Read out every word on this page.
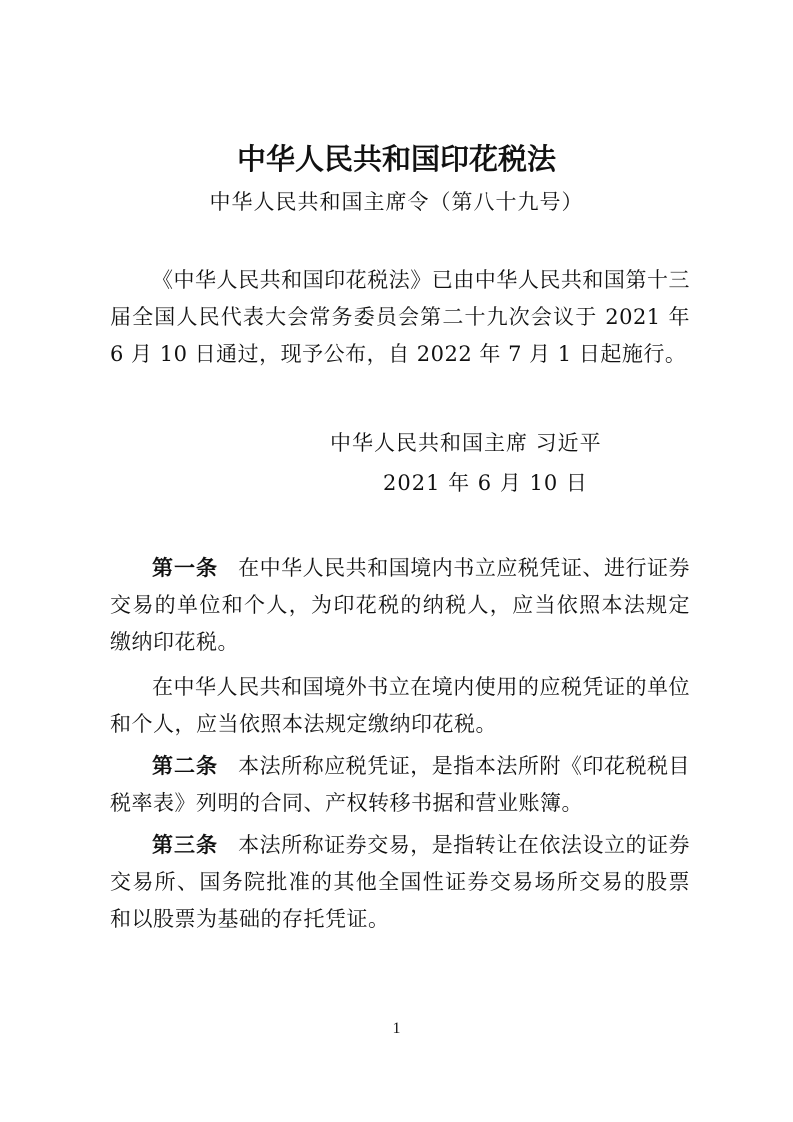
中华人民共和国印花税法
中华人民共和国主席令（第八十九号）

《中华人民共和国印花税法》已由中华人民共和国第十三届全国人民代表大会常务委员会第二十九次会议于 2021 年 6 月 10 日通过，现予公布，自 2022 年 7 月 1 日起施行。

中华人民共和国主席 习近平
2021 年 6 月 10 日

第一条 在中华人民共和国境内书立应税凭证、进行证券交易的单位和个人，为印花税的纳税人，应当依照本法规定缴纳印花税。

在中华人民共和国境外书立在境内使用的应税凭证的单位和个人，应当依照本法规定缴纳印花税。

第二条 本法所称应税凭证，是指本法所附《印花税税目税率表》列明的合同、产权转移书据和营业账簿。

第三条 本法所称证券交易，是指转让在依法设立的证券交易所、国务院批准的其他全国性证券交易场所交易的股票和以股票为基础的存托凭证。

1
